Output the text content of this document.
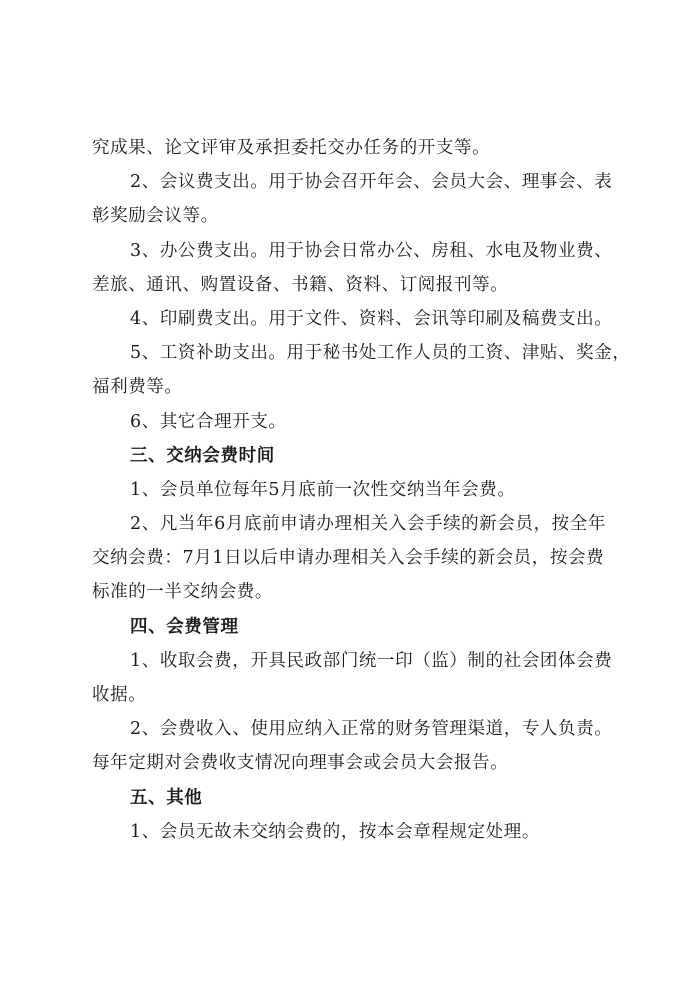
究成果、论文评审及承担委托交办任务的开支等。
2、会议费支出。用于协会召开年会、会员大会、理事会、表
彰奖励会议等。
3、办公费支出。用于协会日常办公、房租、水电及物业费、
差旅、通讯、购置设备、书籍、资料、订阅报刊等。
4、印刷费支出。用于文件、资料、会讯等印刷及稿费支出。
5、工资补助支出。用于秘书处工作人员的工资、津贴、奖金，
福利费等。
6、其它合理开支。
三、交纳会费时间
1、会员单位每年5月底前一次性交纳当年会费。
2、凡当年6月底前申请办理相关入会手续的新会员，按全年
交纳会费：7月1日以后申请办理相关入会手续的新会员，按会费
标准的一半交纳会费。
四、会费管理
1、收取会费，开具民政部门统一印（监）制的社会团体会费
收据。
2、会费收入、使用应纳入正常的财务管理渠道，专人负责。
每年定期对会费收支情况向理事会或会员大会报告。
五、其他
1、会员无故未交纳会费的，按本会章程规定处理。
